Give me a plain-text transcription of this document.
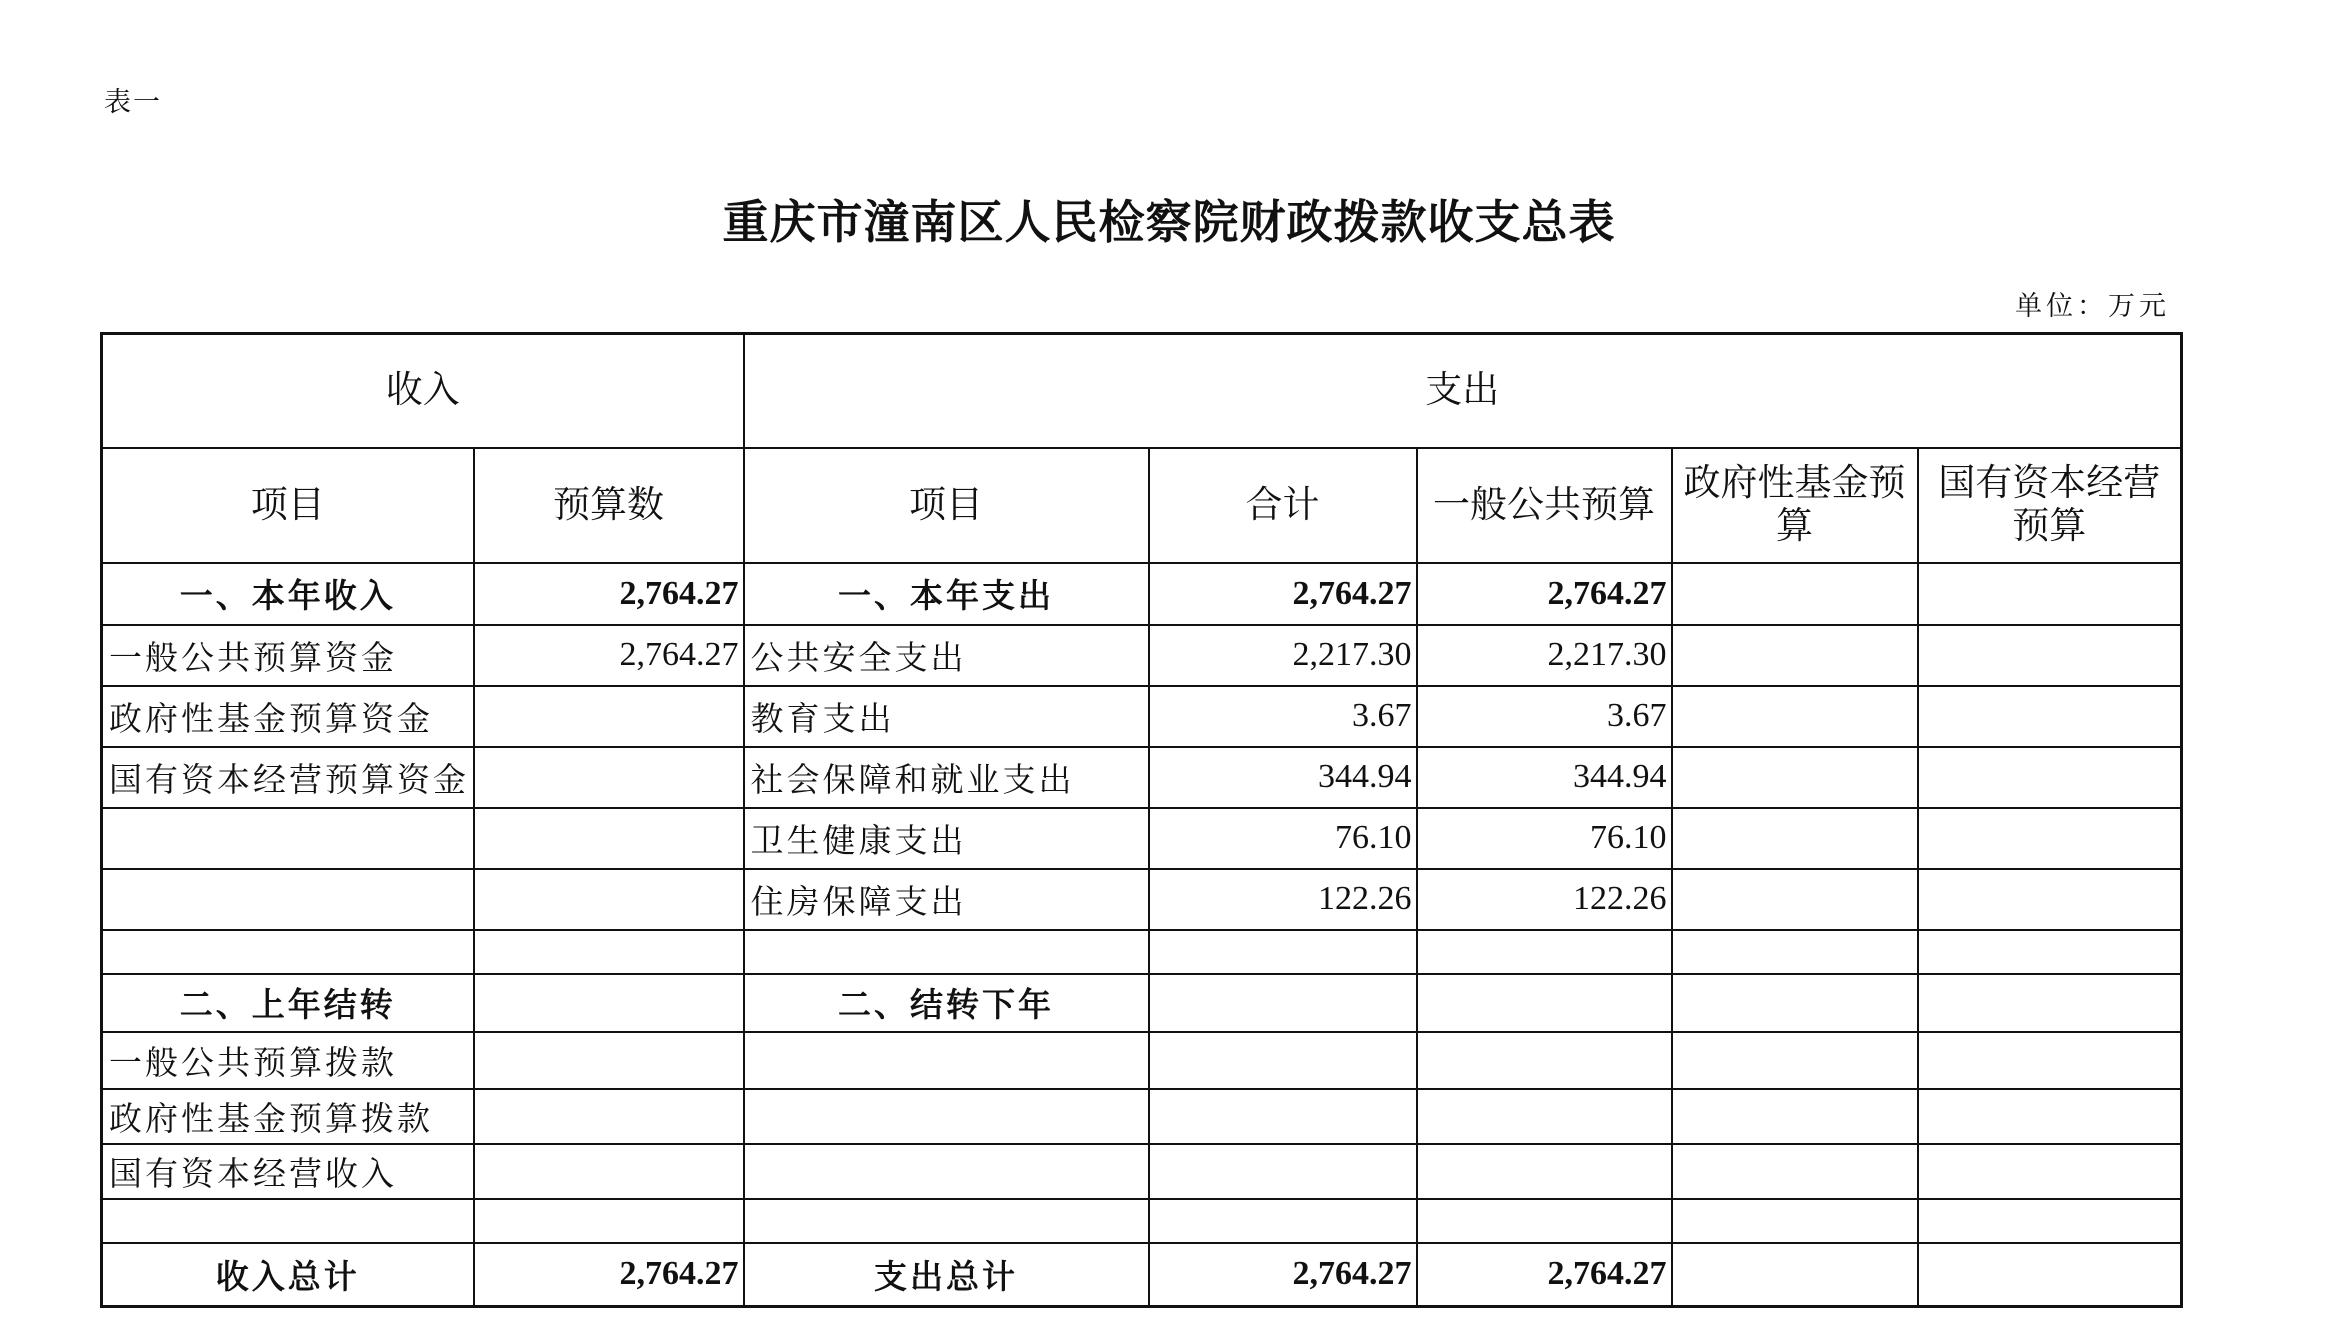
表一
重庆市潼南区人民检察院财政拨款收支总表
单位：万元
收入		支出				
项目	预算数	项目	合计	一般公共预算	政府性基金预算	国有资本经营预算
一、本年收入	2,764.27	一、本年支出	2,764.27	2,764.27		
一般公共预算资金	2,764.27	公共安全支出	2,217.30	2,217.30		
政府性基金预算资金		教育支出	3.67	3.67		
国有资本经营预算资金		社会保障和就业支出	344.94	344.94		
		卫生健康支出	76.10	76.10		
		住房保障支出	122.26	122.26		

二、上年结转		二、结转下年				
一般公共预算拨款						
政府性基金预算拨款						
国有资本经营收入						

收入总计	2,764.27	支出总计	2,764.27	2,764.27		
